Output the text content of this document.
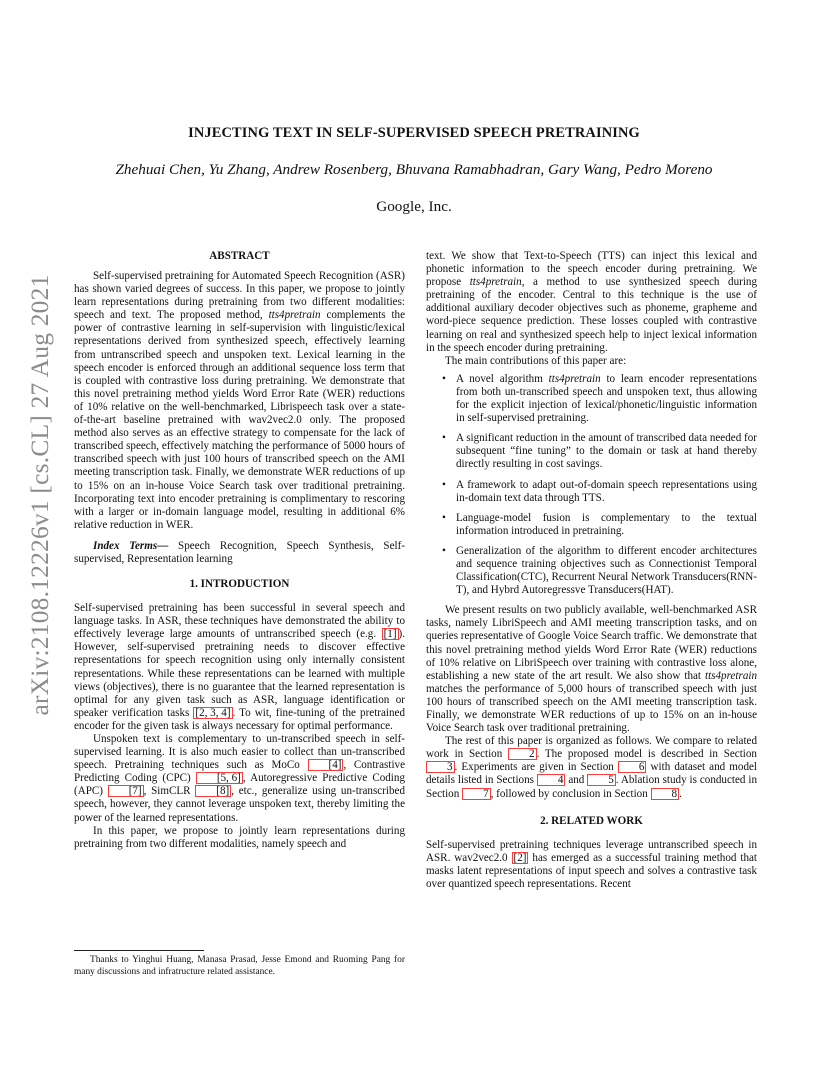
arXiv:2108.12226v1 [cs.CL] 27 Aug 2021
INJECTING TEXT IN SELF-SUPERVISED SPEECH PRETRAINING
Zhehuai Chen, Yu Zhang, Andrew Rosenberg, Bhuvana Ramabhadran, Gary Wang, Pedro Moreno
Google, Inc.
ABSTRACT

Self-supervised pretraining for Automated Speech Recognition (ASR) has shown varied degrees of success. In this paper, we propose to jointly learn representations during pretraining from two different modalities: speech and text. The proposed method, tts4pretrain complements the power of contrastive learning in self-supervision with linguistic/lexical representations derived from synthesized speech, effectively learning from untranscribed speech and unspoken text. Lexical learning in the speech encoder is enforced through an additional sequence loss term that is coupled with contrastive loss during pretraining. We demonstrate that this novel pretraining method yields Word Error Rate (WER) reductions of 10% relative on the well-benchmarked, Librispeech task over a state-of-the-art baseline pretrained with wav2vec2.0 only. The proposed method also serves as an effective strategy to compensate for the lack of transcribed speech, effectively matching the performance of 5000 hours of transcribed speech with just 100 hours of transcribed speech on the AMI meeting transcription task. Finally, we demonstrate WER reductions of up to 15% on an in-house Voice Search task over traditional pretraining. Incorporating text into encoder pretraining is complimentary to rescoring with a larger or in-domain language model, resulting in additional 6% relative reduction in WER.

Index Terms— Speech Recognition, Speech Synthesis, Self-supervised, Representation learning

1. INTRODUCTION

Self-supervised pretraining has been successful in several speech and language tasks. In ASR, these techniques have demonstrated the ability to effectively leverage large amounts of untranscribed speech (e.g. [1] ). However, self-supervised pretraining needs to discover effective representations for speech recognition using only internally consistent representations. While these representations can be learned with multiple views (objectives), there is no guarantee that the learned representation is optimal for any given task such as ASR, language identification or speaker verification tasks [2, 3, 4] . To wit, fine-tuning of the pretrained encoder for the given task is always necessary for optimal performance.

Unspoken text is complementary to un-transcribed speech in self-supervised learning. It is also much easier to collect than un-transcribed speech. Pretraining techniques such as MoCo [4] , Contrastive Predicting Coding (CPC) [5, 6] , Autoregressive Predictive Coding (APC) [7] , SimCLR [8] , etc., generalize using un-transcribed speech, however, they cannot leverage unspoken text, thereby limiting the power of the learned representations.

In this paper, we propose to jointly learn representations during pretraining from two different modalities, namely speech and

Thanks to Yinghui Huang, Manasa Prasad, Jesse Emond and Ruoming Pang for many discussions and infratructure related assistance.

text. We show that Text-to-Speech (TTS) can inject this lexical and phonetic information to the speech encoder during pretraining. We propose tts4pretrain, a method to use synthesized speech during pretraining of the encoder. Central to this technique is the use of additional auxiliary decoder objectives such as phoneme, grapheme and word-piece sequence prediction. These losses coupled with contrastive learning on real and synthesized speech help to inject lexical information in the speech encoder during pretraining.

The main contributions of this paper are:

• A novel algorithm tts4pretrain to learn encoder representations from both un-transcribed speech and unspoken text, thus allowing for the explicit injection of lexical/phonetic/linguistic information in self-supervised pretraining.
• A significant reduction in the amount of transcribed data needed for subsequent “fine tuning” to the domain or task at hand thereby directly resulting in cost savings.
• A framework to adapt out-of-domain speech representations using in-domain text data through TTS.
• Language-model fusion is complementary to the textual information introduced in pretraining.
• Generalization of the algorithm to different encoder architectures and sequence training objectives such as Connectionist Temporal Classification(CTC), Recurrent Neural Network Transducers(RNN-T), and Hybrd Autoregressve Transducers(HAT).

We present results on two publicly available, well-benchmarked ASR tasks, namely LibriSpeech and AMI meeting transcription tasks, and on queries representative of Google Voice Search traffic. We demonstrate that this novel pretraining method yields Word Error Rate (WER) reductions of 10% relative on LibriSpeech over training with contrastive loss alone, establishing a new state of the art result. We also show that tts4pretrain matches the performance of 5,000 hours of transcribed speech with just 100 hours of transcribed speech on the AMI meeting transcription task. Finally, we demonstrate WER reductions of up to 15% on an in-house Voice Search task over traditional pretraining.

The rest of this paper is organized as follows. We compare to related work in Section 2 . The proposed model is described in Section 3 . Experiments are given in Section 6 with dataset and model details listed in Sections 4 and 5 . Ablation study is conducted in Section 7 , followed by conclusion in Section 8 .

2. RELATED WORK

Self-supervised pretraining techniques leverage untranscribed speech in ASR. wav2vec2.0 [2] has emerged as a successful training method that masks latent representations of input speech and solves a contrastive task over quantized speech representations. Recent
